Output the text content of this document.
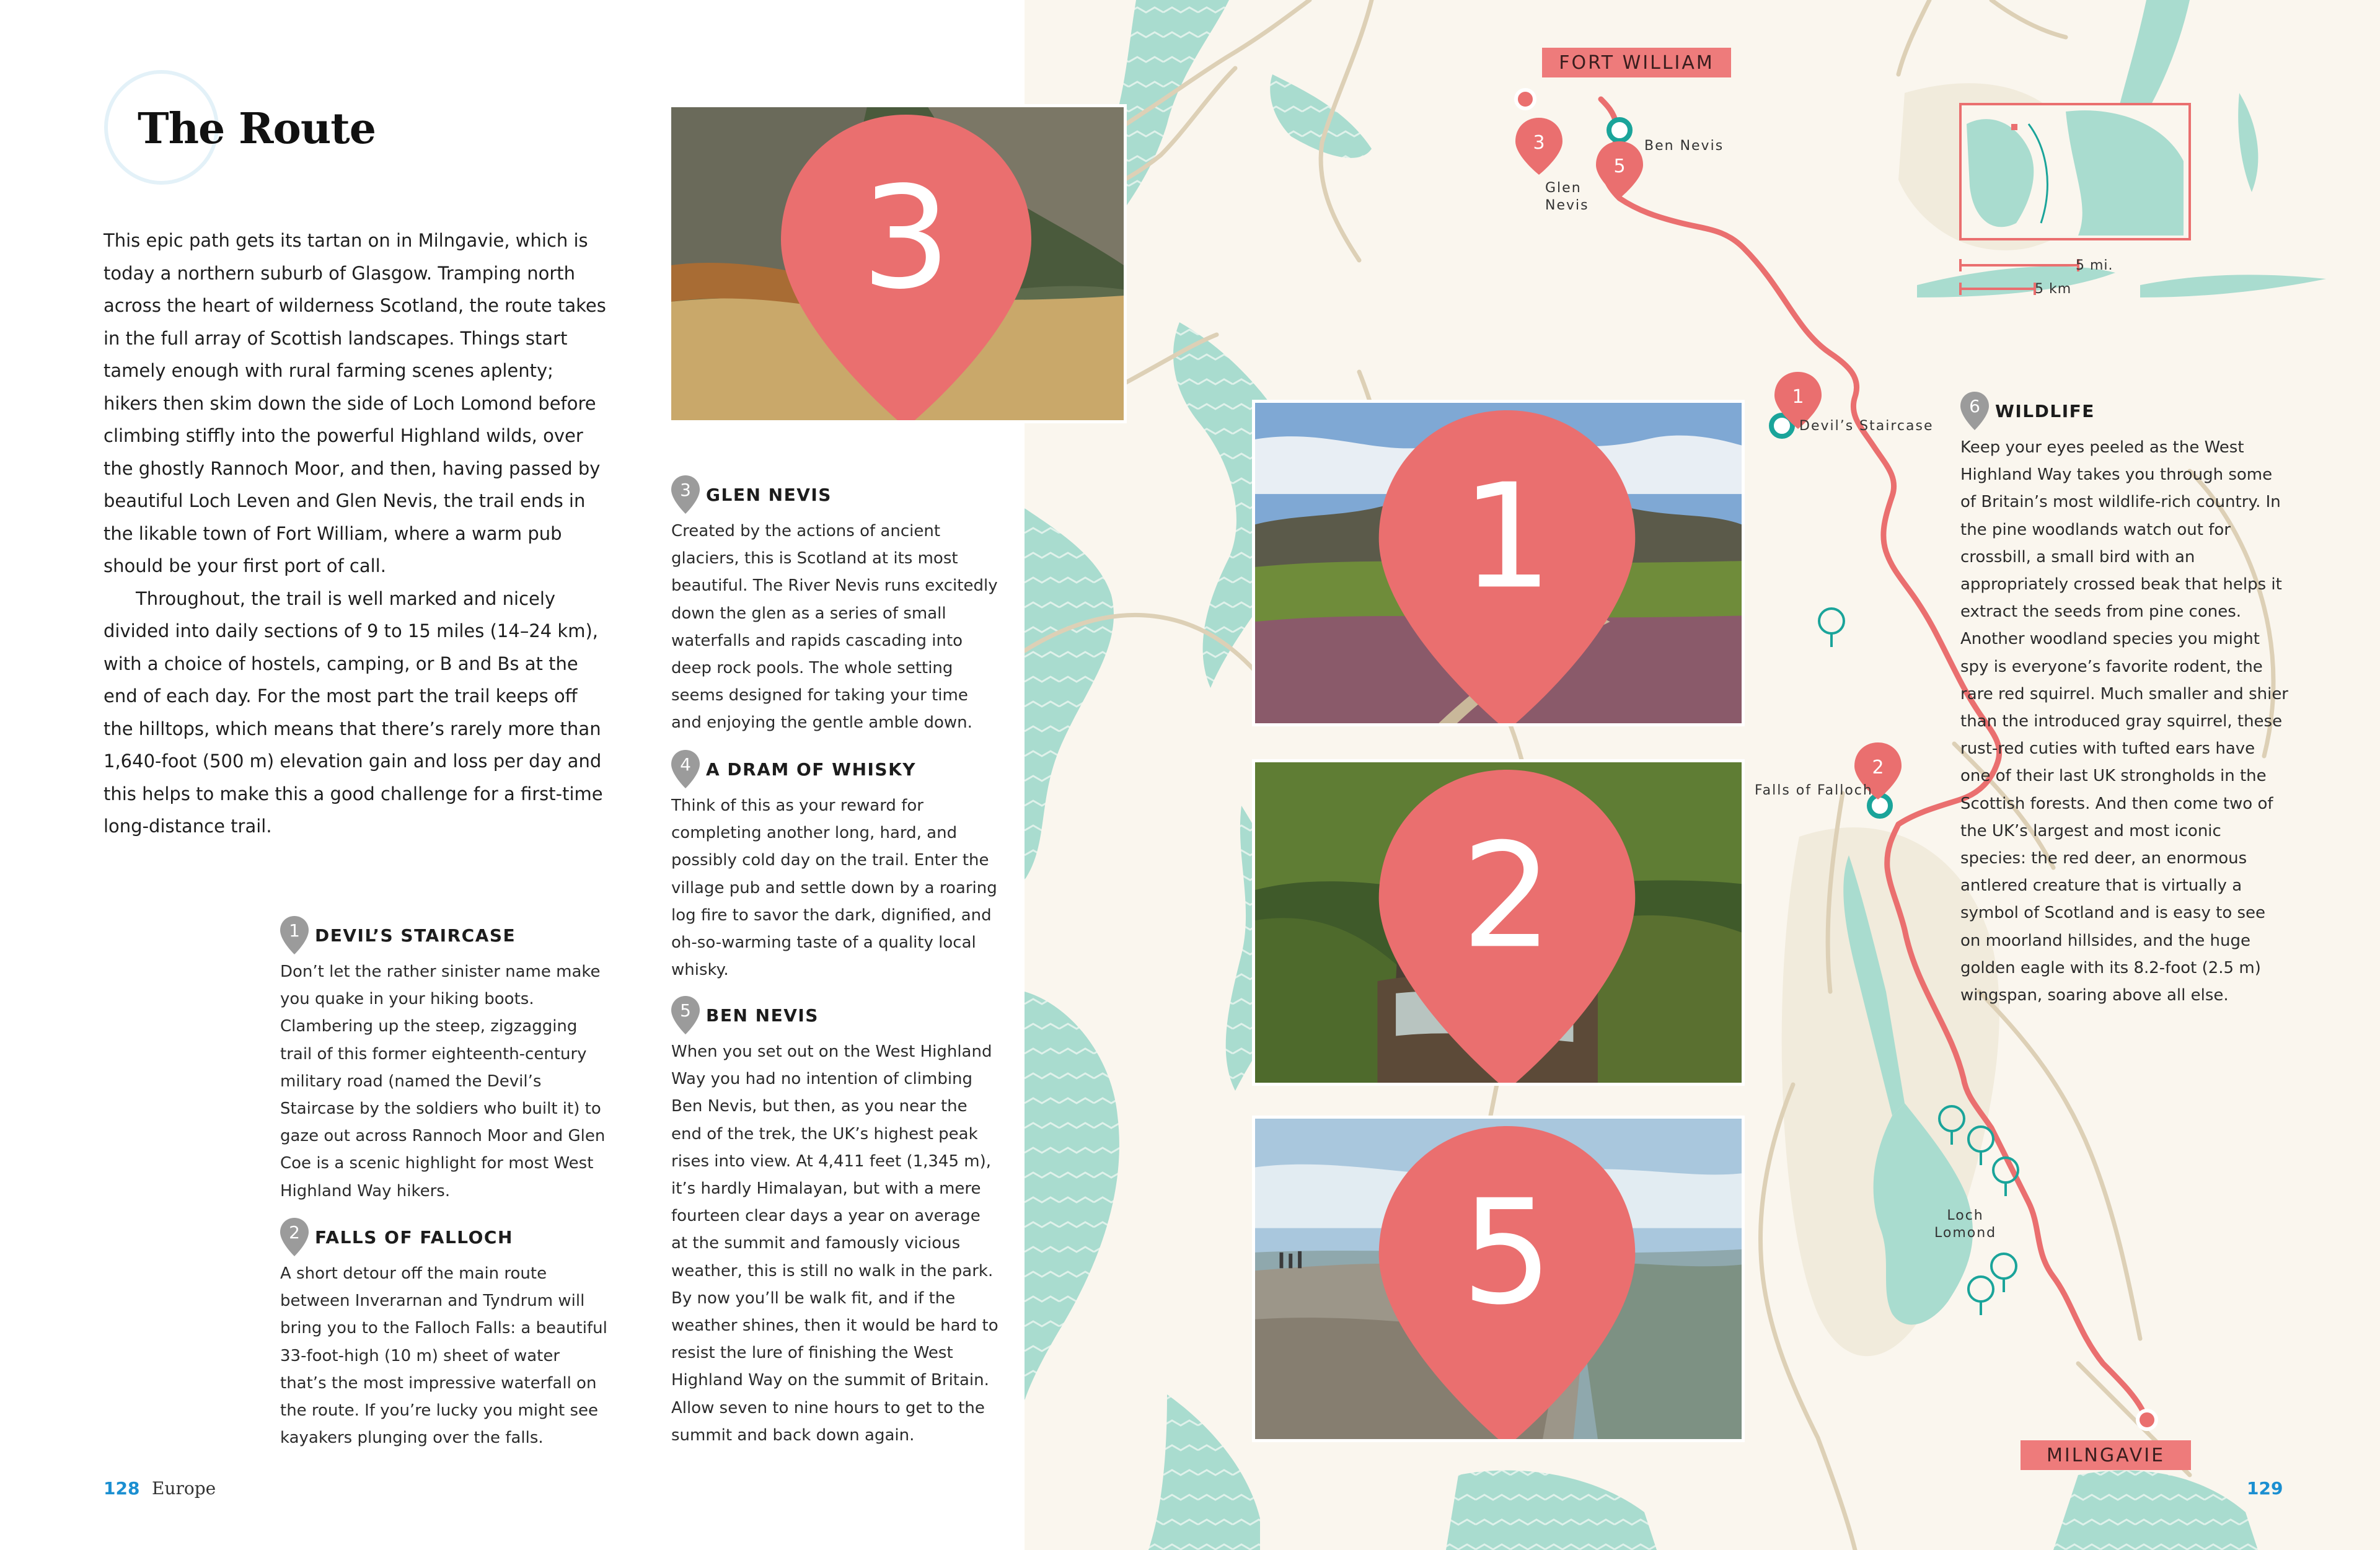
The Route

This epic path gets its tartan on in Milngavie, which is today a northern suburb of Glasgow. Tramping north across the heart of wilderness Scotland, the route takes in the full array of Scottish landscapes. Things start tamely enough with rural farming scenes aplenty; hikers then skim down the side of Loch Lomond before climbing stiffly into the powerful Highland wilds, over the ghostly Rannoch Moor, and then, having passed by beautiful Loch Leven and Glen Nevis, the trail ends in the likable town of Fort William, where a warm pub should be your first port of call.

Throughout, the trail is well marked and nicely divided into daily sections of 9 to 15 miles (14–24 km), with a choice of hostels, camping, or B and Bs at the end of each day. For the most part the trail keeps off the hilltops, which means that there’s rarely more than 1,640-foot (500 m) elevation gain and loss per day and this helps to make this a good challenge for a first-time long-distance trail.

128 Europe
3
5
1
2
FORT WILLIAM
MILNGAVIE
Ben Nevis
Glen
Nevis
Devil’s Staircase
Falls of Falloch
Loch
Lomond
5 mi.
5 km
129
3
1
2
5
1 DEVIL’S STAIRCASE
Don’t let the rather sinister name make you quake in your hiking boots. Clambering up the steep, zigzagging trail of this former eighteenth-century military road (named the Devil’s Staircase by the soldiers who built it) to gaze out across Rannoch Moor and Glen Coe is a scenic highlight for most West Highland Way hikers.
2 FALLS OF FALLOCH
A short detour off the main route between Inverarnan and Tyndrum will bring you to the Falloch Falls: a beautiful 33-foot-high (10 m) sheet of water that’s the most impressive waterfall on the route. If you’re lucky you might see kayakers plunging over the falls.
3 GLEN NEVIS
Created by the actions of ancient glaciers, this is Scotland at its most beautiful. The River Nevis runs excitedly down the glen as a series of small waterfalls and rapids cascading into deep rock pools. The whole setting seems designed for taking your time and enjoying the gentle amble down.
4 A DRAM OF WHISKY
Think of this as your reward for completing another long, hard, and possibly cold day on the trail. Enter the village pub and settle down by a roaring log fire to savor the dark, dignified, and oh-so-warming taste of a quality local whisky.
5 BEN NEVIS
When you set out on the West Highland Way you had no intention of climbing Ben Nevis, but then, as you near the end of the trek, the UK’s highest peak rises into view. At 4,411 feet (1,345 m), it’s hardly Himalayan, but with a mere fourteen clear days a year on average at the summit and famously vicious weather, this is still no walk in the park. By now you’ll be walk fit, and if the weather shines, then it would be hard to resist the lure of finishing the West Highland Way on the summit of Britain. Allow seven to nine hours to get to the summit and back down again.
6 WILDLIFE
Keep your eyes peeled as the West Highland Way takes you through some of Britain’s most wildlife-rich country. In the pine woodlands watch out for crossbill, a small bird with an appropriately crossed beak that helps it extract the seeds from pine cones. Another woodland species you might spy is everyone’s favorite rodent, the rare red squirrel. Much smaller and shier than the introduced gray squirrel, these rust-red cuties with tufted ears have one of their last UK strongholds in the Scottish forests. And then come two of the UK’s largest and most iconic species: the red deer, an enormous antlered creature that is virtually a symbol of Scotland and is easy to see on moorland hillsides, and the huge golden eagle with its 8.2-foot (2.5 m) wingspan, soaring above all else.
